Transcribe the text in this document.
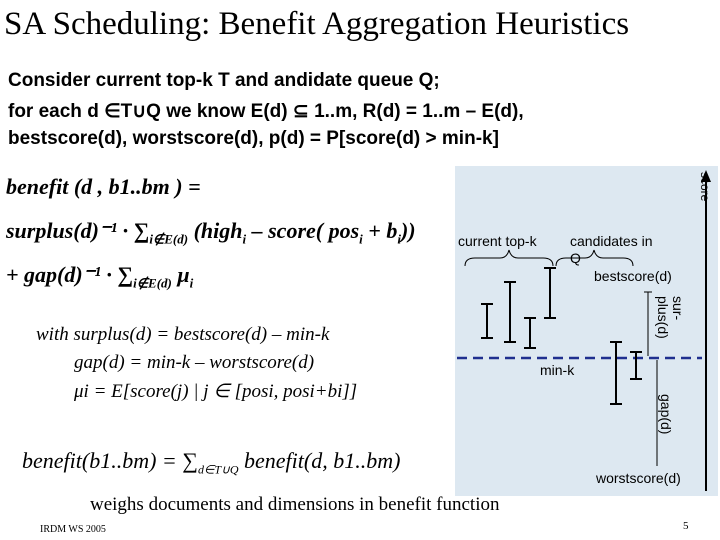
SA Scheduling: Benefit Aggregation Heuristics
Consider current top-k T and andidate queue Q;
for each d ∈T∪Q we know E(d) ⊆ 1..m, R(d) = 1..m – E(d),
bestscore(d), worstscore(d), p(d) = P[score(d) > min-k]
score
current top-k candidates in
Q
bestscore(d)
min-k
worstscore(d)
sur-
plus(d)
gap(d)
benefit (d , b1..bm ) =
surplus(d)⁻¹ · $\sum_{i\notin E(d)}$ (high$_i$ – score( $pos_i + b_i$))
+ $gap(d)^{-1} \cdot \sum_{i\notin E(d)}$ $\mu_i$
with surplus(d) = bestscore(d) – min-k
gap(d) = min-k – worstscore(d)
μi = E[score(j) | j ∈ [posi, posi+bi]]
benefit(b1..bm) = $\sum_{d\in T\cup Q}$ benefit(d, b1..bm)
weighs documents and dimensions in benefit function
IRDM WS 2005	5
